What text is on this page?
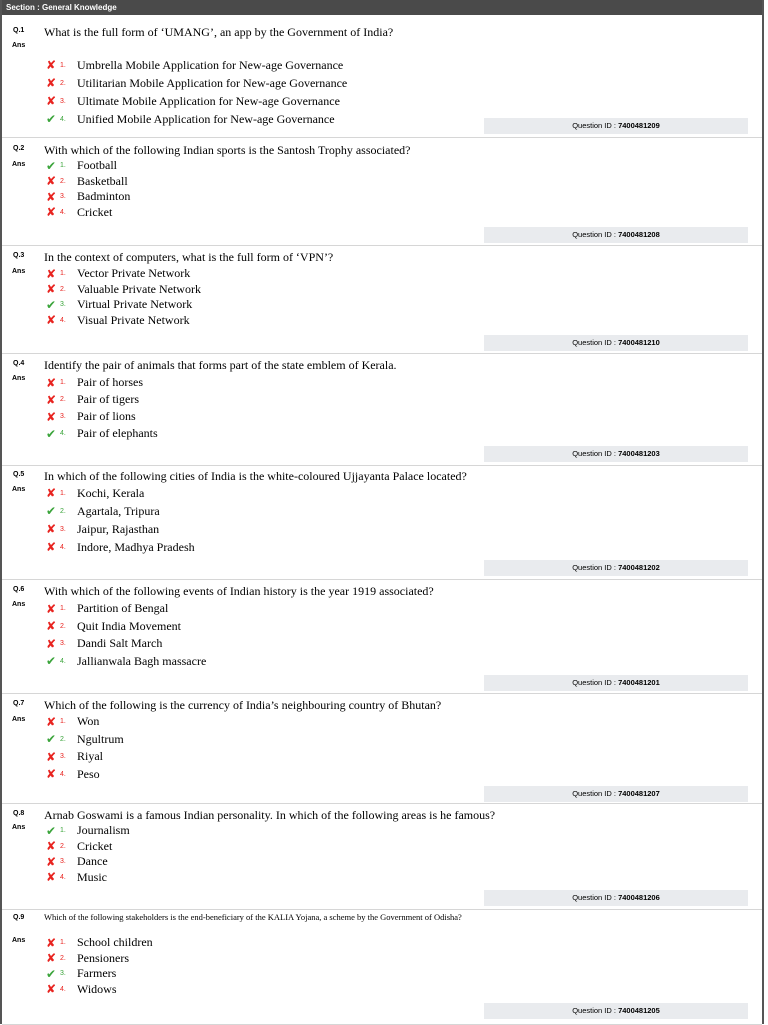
Section : General Knowledge
Q.1 What is the full form of ‘UMANG’, an app by the Government of India?
Ans
✘ 1. Umbrella Mobile Application for New-age Governance
✘ 2. Utilitarian Mobile Application for New-age Governance
✘ 3. Ultimate Mobile Application for New-age Governance
✔ 4. Unified Mobile Application for New-age Governance	Question ID : 7400481209
Q.2 With which of the following Indian sports is the Santosh Trophy associated?
Ans ✔ 1. Football
✘ 2. Basketball
✘ 3. Badminton
✘ 4. Cricket
Question ID : 7400481208
Q.3 In the context of computers, what is the full form of ‘VPN’?
Ans ✘ 1. Vector Private Network
✘ 2. Valuable Private Network
✔ 3. Virtual Private Network
✘ 4. Visual Private Network
Question ID : 7400481210
Q.4 Identify the pair of animals that forms part of the state emblem of Kerala.
Ans ✘ 1. Pair of horses
✘ 2. Pair of tigers
✘ 3. Pair of lions
✔ 4. Pair of elephants
Question ID : 7400481203
Q.5 In which of the following cities of India is the white-coloured Ujjayanta Palace located?
Ans ✘ 1. Kochi, Kerala
✔ 2. Agartala, Tripura
✘ 3. Jaipur, Rajasthan
✘ 4. Indore, Madhya Pradesh
Question ID : 7400481202
Q.6 With which of the following events of Indian history is the year 1919 associated?
Ans ✘ 1. Partition of Bengal
✘ 2. Quit India Movement
✘ 3. Dandi Salt March
✔ 4. Jallianwala Bagh massacre
Question ID : 7400481201
Q.7 Which of the following is the currency of India’s neighbouring country of Bhutan?
Ans ✘ 1. Won
✔ 2. Ngultrum
✘ 3. Riyal
✘ 4. Peso
Question ID : 7400481207
Q.8 Arnab Goswami is a famous Indian personality. In which of the following areas is he famous?
Ans ✔ 1. Journalism
✘ 2. Cricket
✘ 3. Dance
✘ 4. Music
Question ID : 7400481206
Q.9 Which of the following stakeholders is the end-beneficiary of the KALIA Yojana, a scheme by the Government of Odisha?
Ans ✘ 1. School children
✘ 2. Pensioners
✔ 3. Farmers
✘ 4. Widows
Question ID : 7400481205
